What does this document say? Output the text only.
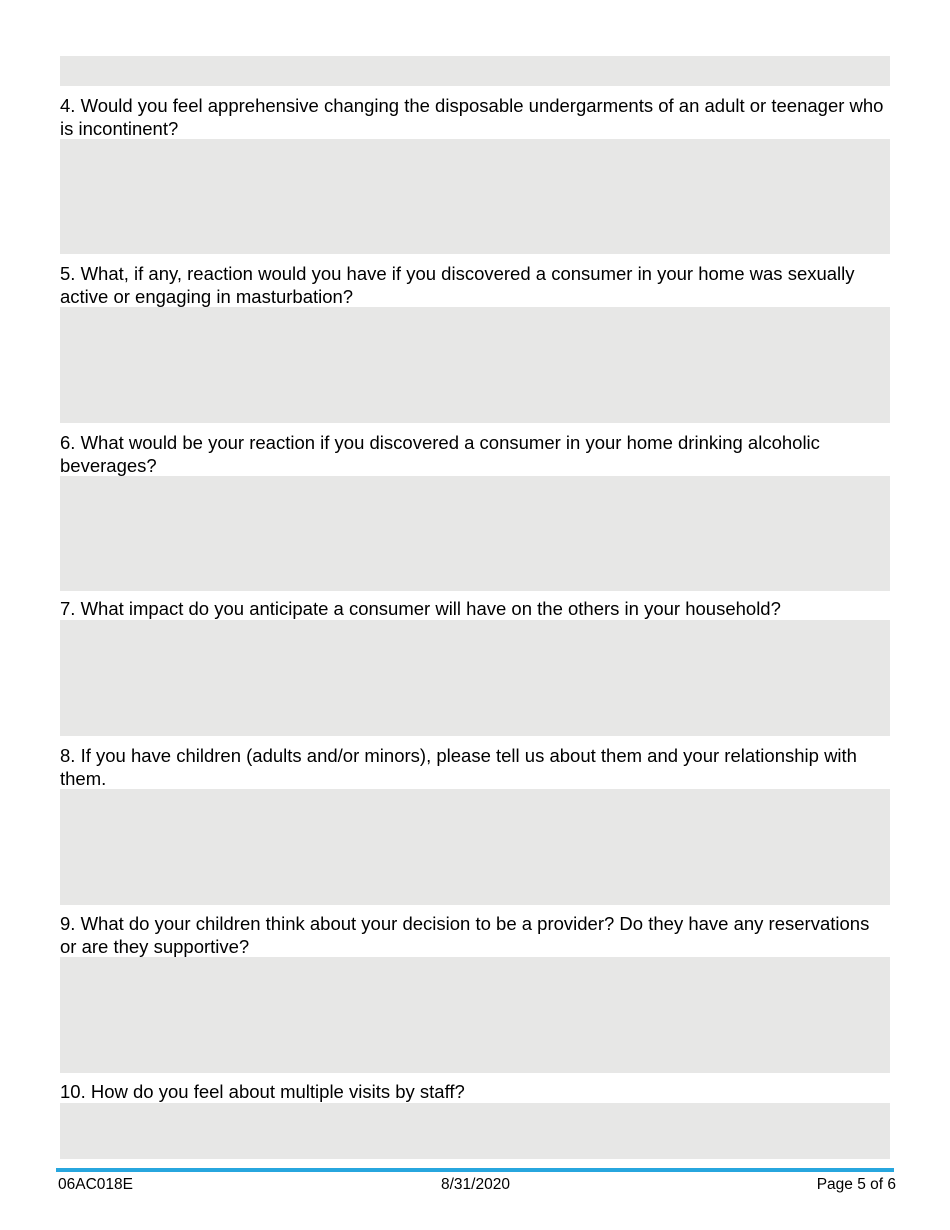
4. Would you feel apprehensive changing the disposable undergarments of an adult or teenager who is incontinent?

5. What, if any, reaction would you have if you discovered a consumer in your home was sexually active or engaging in masturbation?

6. What would be your reaction if you discovered a consumer in your home drinking alcoholic beverages?

7. What impact do you anticipate a consumer will have on the others in your household?

8. If you have children (adults and/or minors), please tell us about them and your relationship with them.

9. What do your children think about your decision to be a provider? Do they have any reservations or are they supportive?

10. How do you feel about multiple visits by staff?

06AC018E	8/31/2020	Page 5 of 6
